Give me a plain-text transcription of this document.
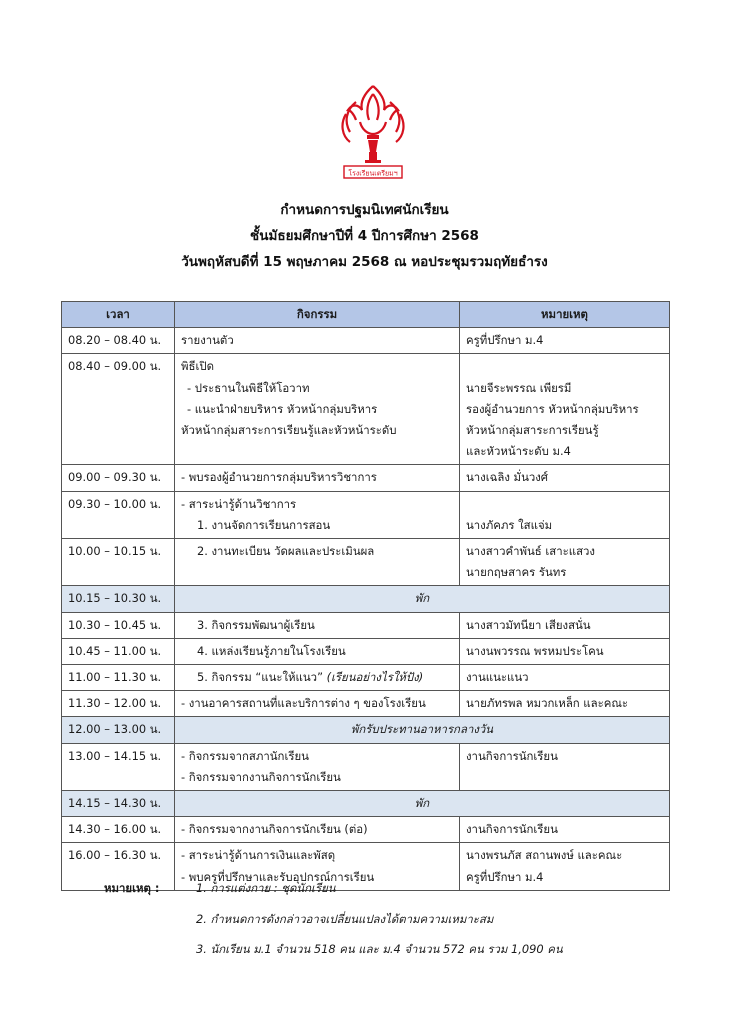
โรงเรียนเตรียมฯ
กำหนดการปฐมนิเทศนักเรียน
ชั้นมัธยมศึกษาปีที่ 4 ปีการศึกษา 2568
วันพฤหัสบดีที่ 15 พฤษภาคม 2568 ณ หอประชุมรวมฤทัยธำรง
เวลา	กิจกรรม	หมายเหตุ
08.20 – 08.40 น.	รายงานตัว	ครูที่ปรึกษา ม.4

08.40 – 09.00 น.	พิธีเปิด
- ประธานในพิธีให้โอวาท
- แนะนำฝ่ายบริหาร หัวหน้ากลุ่มบริหาร
หัวหน้ากลุ่มสาระการเรียนรู้และหัวหน้าระดับ	นายจีระพรรณ เพียรมี
รองผู้อำนวยการ หัวหน้ากลุ่มบริหาร
หัวหน้ากลุ่มสาระการเรียนรู้
และหัวหน้าระดับ ม.4

09.00 – 09.30 น.	- พบรองผู้อำนวยการกลุ่มบริหารวิชาการ	นางเฉลิง มั่นวงศ์

09.30 – 10.00 น.	- สาระน่ารู้ด้านวิชาการ
1. งานจัดการเรียนการสอน	นางภัคภร ใสแจ่ม

10.00 – 10.15 น.	2. งานทะเบียน วัดผลและประเมินผล	นางสาวคำพันธ์ เสาะแสวง
นายกฤษสาคร รันทร

10.15 – 10.30 น.	พัก	
10.30 – 10.45 น.	3. กิจกรรมพัฒนาผู้เรียน	นางสาวมัทนียา เสียงสนั่น

10.45 – 11.00 น.	4. แหล่งเรียนรู้ภายในโรงเรียน	นางนพวรรณ พรหมประโคน

11.00 – 11.30 น.	5. กิจกรรม “แนะให้แนว” (เรียนอย่างไรให้ปัง)	งานแนะแนว

11.30 – 12.00 น.	- งานอาคารสถานที่และบริการต่าง ๆ ของโรงเรียน	นายภัทรพล หมวกเหล็ก และคณะ

12.00 – 13.00 น.	พักรับประทานอาหารกลางวัน	
13.00 – 14.15 น.	- กิจกรรมจากสภานักเรียน
- กิจกรรมจากงานกิจการนักเรียน	งานกิจการนักเรียน

14.15 – 14.30 น.	พัก	
14.30 – 16.00 น.	- กิจกรรมจากงานกิจการนักเรียน (ต่อ)	งานกิจการนักเรียน

16.00 – 16.30 น.	- สาระน่ารู้ด้านการเงินและพัสดุ
- พบครูที่ปรึกษาและรับอุปกรณ์การเรียน	นางพรนภัส สถานพงษ์ และคณะ
ครูที่ปรึกษา ม.4
หมายเหตุ :	1. การแต่งกาย : ชุดนักเรียน
2. กำหนดการดังกล่าวอาจเปลี่ยนแปลงได้ตามความเหมาะสม
3. นักเรียน ม.1 จำนวน 518 คน และ ม.4 จำนวน 572 คน รวม 1,090 คน
